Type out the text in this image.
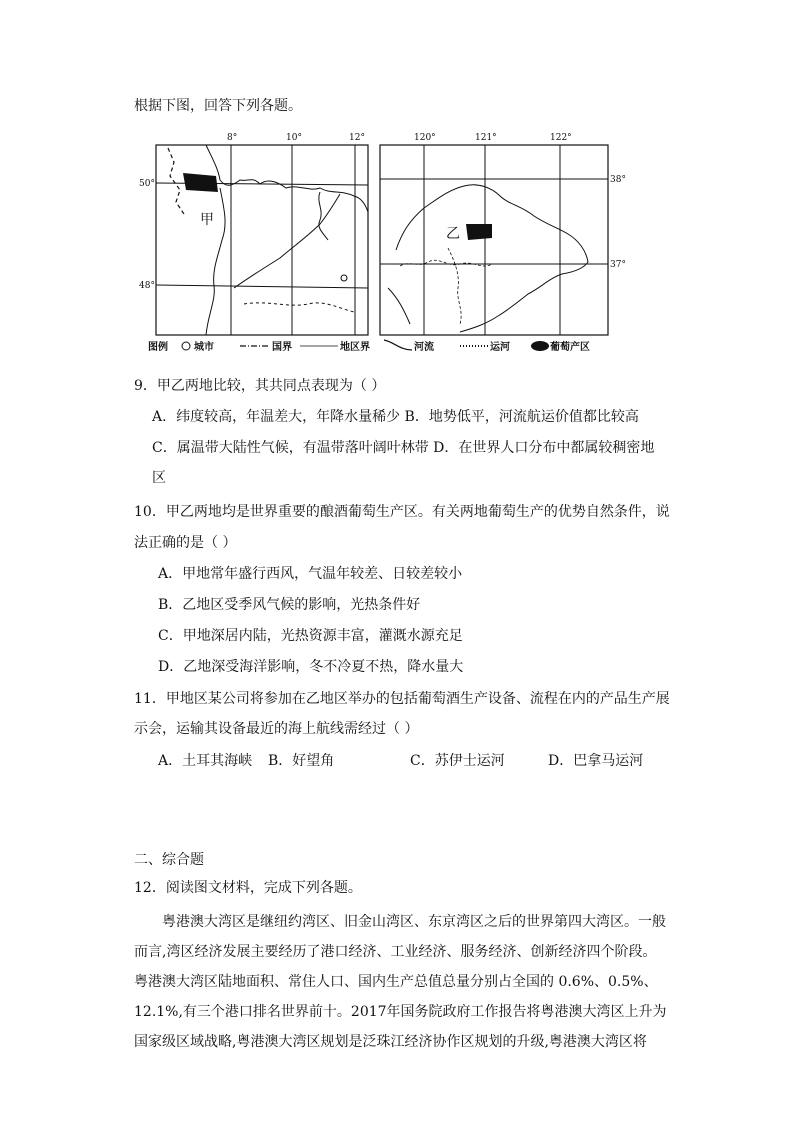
根据下图，回答下列各题。
甲
8°	10°	12°
50°
48°
乙
120°	121°	122°
38°
37°
图例	城市	国界	地区界	河流	运河	葡萄产区
9．甲乙两地比较，其共同点表现为（ ）
A．纬度较高，年温差大，年降水量稀少 B．地势低平，河流航运价值都比较高
C．属温带大陆性气候，有温带落叶阔叶林带 D．在世界人口分布中都属较稠密地
区
10．甲乙两地均是世界重要的酿酒葡萄生产区。有关两地葡萄生产的优势自然条件，说
法正确的是（ ）
A．甲地常年盛行西风，气温年较差、日较差较小
B．乙地区受季风气候的影响，光热条件好
C．甲地深居内陆，光热资源丰富，灌溉水源充足
D．乙地深受海洋影响，冬不冷夏不热，降水量大
11．甲地区某公司将参加在乙地区举办的包括葡萄酒生产设备、流程在内的产品生产展
示会，运输其设备最近的海上航线需经过（ ）
A．土耳其海峡 B．好望角	C．苏伊士运河	D．巴拿马运河
二、综合题
12．阅读图文材料，完成下列各题。
粤港澳大湾区是继纽约湾区、旧金山湾区、东京湾区之后的世界第四大湾区。一般
而言,湾区经济发展主要经历了港口经济、工业经济、服务经济、创新经济四个阶段。
粤港澳大湾区陆地面积、常住人口、国内生产总值总量分别占全国的 0.6%、0.5%、
12.1%,有三个港口排名世界前十。2017年国务院政府工作报告将粤港澳大湾区上升为
国家级区域战略,粤港澳大湾区规划是泛珠江经济协作区规划的升级,粤港澳大湾区将
